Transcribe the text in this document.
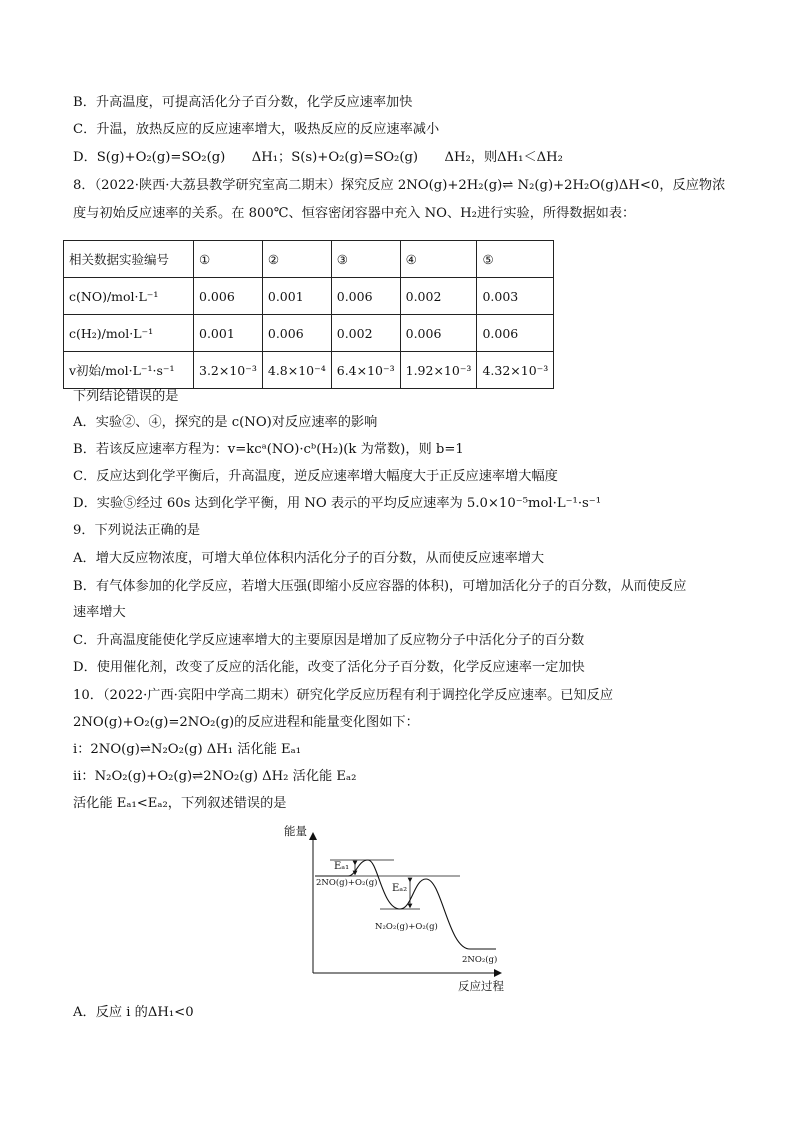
B．升高温度，可提高活化分子百分数，化学反应速率加快
C．升温，放热反应的反应速率增大，吸热反应的反应速率减小
D．S(g)+O₂(g)=SO₂(g)　　ΔH₁；S(s)+O₂(g)=SO₂(g)　　ΔH₂，则ΔH₁＜ΔH₂
8．（2022·陕西·大荔县教学研究室高二期末）探究反应 2NO(g)+2H₂(g)⇌ N₂(g)+2H₂O(g)ΔH<0，反应物浓
度与初始反应速率的关系。在 800℃、恒容密闭容器中充入 NO、H₂进行实验，所得数据如表：
相关数据实验编号	①	②	③	④	⑤
c(NO)/mol·L⁻¹	0.006	0.001	0.006	0.002	0.003
c(H₂)/mol·L⁻¹	0.001	0.006	0.002	0.006	0.006
v初始/mol·L⁻¹·s⁻¹	3.2×10⁻³	4.8×10⁻⁴	6.4×10⁻³	1.92×10⁻³	4.32×10⁻³
下列结论错误的是
A．实验②、④，探究的是 c(NO)对反应速率的影响
B．若该反应速率方程为：v=kcᵃ(NO)·cᵇ(H₂)(k 为常数)，则 b=1
C．反应达到化学平衡后，升高温度，逆反应速率增大幅度大于正反应速率增大幅度
D．实验⑤经过 60s 达到化学平衡，用 NO 表示的平均反应速率为 5.0×10⁻⁵mol·L⁻¹·s⁻¹
9．下列说法正确的是
A．增大反应物浓度，可增大单位体积内活化分子的百分数，从而使反应速率增大
B．有气体参加的化学反应，若增大压强(即缩小反应容器的体积)，可增加活化分子的百分数，从而使反应
速率增大
C．升高温度能使化学反应速率增大的主要原因是增加了反应物分子中活化分子的百分数
D．使用催化剂，改变了反应的活化能，改变了活化分子百分数，化学反应速率一定加快
10．（2022·广西·宾阳中学高二期末）研究化学反应历程有利于调控化学反应速率。已知反应
2NO(g)+O₂(g)=2NO₂(g)的反应进程和能量变化图如下：
i：2NO(g)⇌N₂O₂(g) ΔH₁ 活化能 Eₐ₁
ii：N₂O₂(g)+O₂(g)⇌2NO₂(g) ΔH₂ 活化能 Eₐ₂
活化能 Eₐ₁<Eₐ₂，下列叙述错误的是
能量
反应过程
Eₐ₁
Eₐ₂
2NO(g)+O₂(g)
N₂O₂(g)+O₂(g)
2NO₂(g)
A．反应 i 的ΔH₁<0
